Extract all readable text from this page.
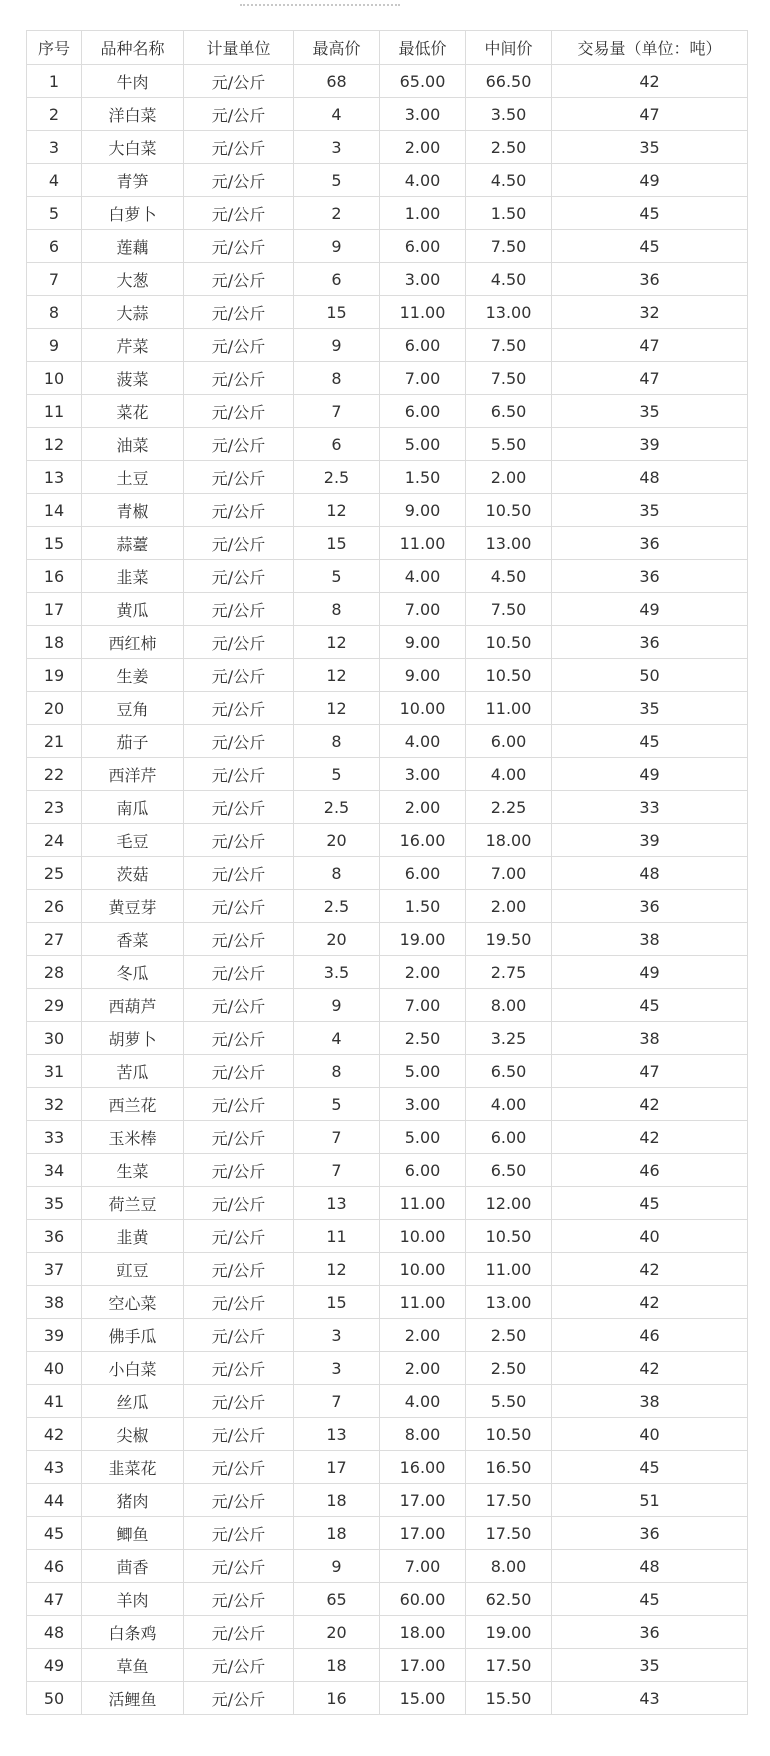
序号	品种名称	计量单位	最高价	最低价	中间价	交易量（单位：吨）
1	牛肉	元/公斤	68	65.00	66.50	42
2	洋白菜	元/公斤	4	3.00	3.50	47
3	大白菜	元/公斤	3	2.00	2.50	35
4	青笋	元/公斤	5	4.00	4.50	49
5	白萝卜	元/公斤	2	1.00	1.50	45
6	莲藕	元/公斤	9	6.00	7.50	45
7	大葱	元/公斤	6	3.00	4.50	36
8	大蒜	元/公斤	15	11.00	13.00	32
9	芹菜	元/公斤	9	6.00	7.50	47
10	菠菜	元/公斤	8	7.00	7.50	47
11	菜花	元/公斤	7	6.00	6.50	35
12	油菜	元/公斤	6	5.00	5.50	39
13	土豆	元/公斤	2.5	1.50	2.00	48
14	青椒	元/公斤	12	9.00	10.50	35
15	蒜薹	元/公斤	15	11.00	13.00	36
16	韭菜	元/公斤	5	4.00	4.50	36
17	黄瓜	元/公斤	8	7.00	7.50	49
18	西红柿	元/公斤	12	9.00	10.50	36
19	生姜	元/公斤	12	9.00	10.50	50
20	豆角	元/公斤	12	10.00	11.00	35
21	茄子	元/公斤	8	4.00	6.00	45
22	西洋芹	元/公斤	5	3.00	4.00	49
23	南瓜	元/公斤	2.5	2.00	2.25	33
24	毛豆	元/公斤	20	16.00	18.00	39
25	茨菇	元/公斤	8	6.00	7.00	48
26	黄豆芽	元/公斤	2.5	1.50	2.00	36
27	香菜	元/公斤	20	19.00	19.50	38
28	冬瓜	元/公斤	3.5	2.00	2.75	49
29	西葫芦	元/公斤	9	7.00	8.00	45
30	胡萝卜	元/公斤	4	2.50	3.25	38
31	苦瓜	元/公斤	8	5.00	6.50	47
32	西兰花	元/公斤	5	3.00	4.00	42
33	玉米棒	元/公斤	7	5.00	6.00	42
34	生菜	元/公斤	7	6.00	6.50	46
35	荷兰豆	元/公斤	13	11.00	12.00	45
36	韭黄	元/公斤	11	10.00	10.50	40
37	豇豆	元/公斤	12	10.00	11.00	42
38	空心菜	元/公斤	15	11.00	13.00	42
39	佛手瓜	元/公斤	3	2.00	2.50	46
40	小白菜	元/公斤	3	2.00	2.50	42
41	丝瓜	元/公斤	7	4.00	5.50	38
42	尖椒	元/公斤	13	8.00	10.50	40
43	韭菜花	元/公斤	17	16.00	16.50	45
44	猪肉	元/公斤	18	17.00	17.50	51
45	鲫鱼	元/公斤	18	17.00	17.50	36
46	茴香	元/公斤	9	7.00	8.00	48
47	羊肉	元/公斤	65	60.00	62.50	45
48	白条鸡	元/公斤	20	18.00	19.00	36
49	草鱼	元/公斤	18	17.00	17.50	35
50	活鲤鱼	元/公斤	16	15.00	15.50	43
